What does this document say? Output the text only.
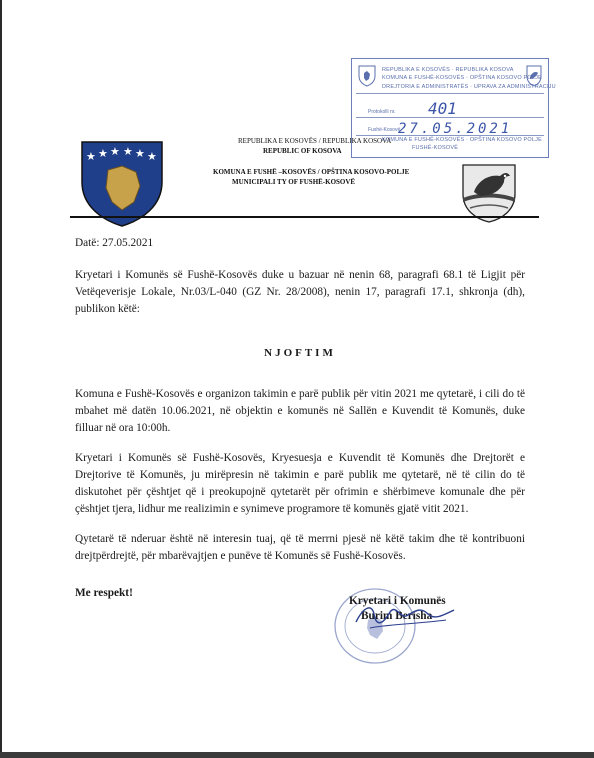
★ ★ ★ ★ ★ ★
REPUBLIKA E KOSOVËS / REPUBLIKA KOSOVA
REPUBLIC OF KOSOVA
KOMUNA E FUSHË –KOSOVËS / OPŠTINA KOSOVO-POLJE
MUNICIPALI TY OF FUSHË-KOSOVË
REPUBLIKA E KOSOVËS · REPUBLIKA KOSOVA
KOMUNA E FUSHË-KOSOVËS · OPŠTINA KOSOVO POLJE
DREJTORIA E ADMINISTRATËS · UPRAVA ZA ADMINISTRACIJU
Protokolli nr. 401
Fushë-Kosovë
27.05.2021
KOMUNA E FUSHË-KOSOVËS · OPŠTINA KOSOVO POLJE
FUSHË-KOSOVË
Datë: 27.05.2021
Kryetari i Komunës së Fushë-Kosovës duke u bazuar në nenin 68, paragrafi 68.1 të Ligjit për Vetëqeverisje Lokale, Nr.03/L-040 (GZ Nr. 28/2008), nenin 17, paragrafi 17.1, shkronja (dh), publikon këtë:
NJOFTIM
Komuna e Fushë-Kosovës e organizon takimin e parë publik për vitin 2021 me qytetarë, i cili do të mbahet më datën 10.06.2021, në objektin e komunës në Sallën e Kuvendit të Komunës, duke filluar në ora 10:00h.
Kryetari i Komunës së Fushë-Kosovës, Kryesuesja e Kuvendit të Komunës dhe Drejtorët e Drejtorive të Komunës, ju mirëpresin në takimin e parë publik me qytetarë, në të cilin do të diskutohet për çështjet që i preokupojnë qytetarët për ofrimin e shërbimeve komunale dhe për çështjet tjera, lidhur me realizimin e synimeve programore të komunës gjatë vitit 2021.
Qytetarë të nderuar është në interesin tuaj, që të merrni pjesë në këtë takim dhe të kontribuoni drejtpërdrejtë, për mbarëvajtjen e punëve të Komunës së Fushë-Kosovës.
Me respekt!
Kryetari i Komunës
Burim Berisha
